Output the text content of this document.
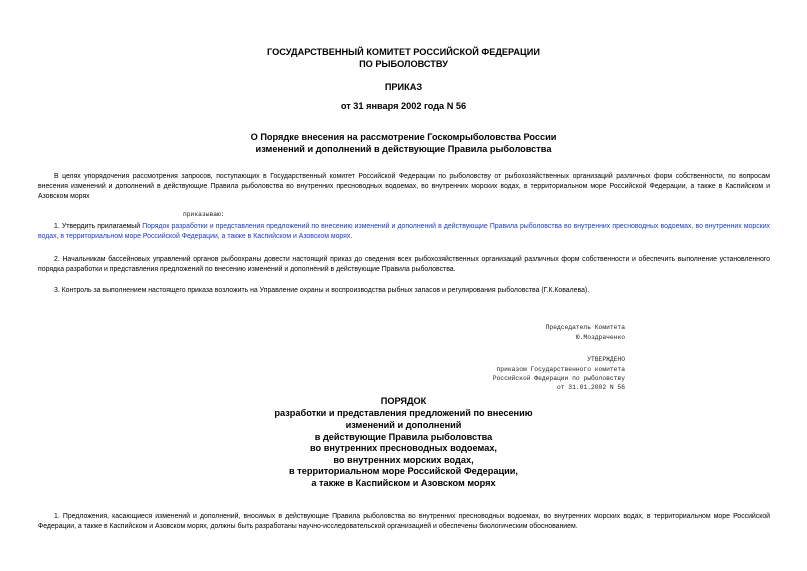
ГОСУДАРСТВЕННЫЙ КОМИТЕТ РОССИЙСКОЙ ФЕДЕРАЦИИ
ПО РЫБОЛОВСТВУ
ПРИКАЗ
от 31 января 2002 года N 56
О Порядке внесения на рассмотрение Госкомрыболовства России
изменений и дополнений в действующие Правила рыболовства
В целях упорядочения рассмотрения запросов, поступающих в Государственный комитет Российской Федерации по рыболовству от рыбохозяйственных организаций различных форм собственности, по вопросам внесения изменений и дополнений в действующие Правила рыболовства во внутренних пресноводных водоемах, во внутренних морских водах, в территориальном море Российской Федерации, а также в Каспийском и Азовском морях
приказываю:
1. Утвердить прилагаемый Порядок разработки и представления предложений по внесению изменений и дополнений в действующие Правила рыболовства во внутренних пресноводных водоемах, во внутренних морских водах, в территориальном море Российской Федерации, а также в Каспийском и Азовском морях.
2. Начальникам бассейновых управлений органов рыбоохраны довести настоящий приказ до сведения всех рыбохозяйственных организаций различных форм собственности и обеспечить выполнение установленного порядка разработки и представления предложений по внесению изменений и дополнений в действующие Правила рыболовства.
3. Контроль за выполнением настоящего приказа возложить на Управление охраны и воспроизводства рыбных запасов и регулирования рыболовства (Г.К.Ковалева).
Председатель Комитета
Ю.Моздраченко
УТВЕРЖДЕНО
приказом Государственного комитета
Российской Федерации по рыболовству
от 31.01.2002 N 56
ПОРЯДОК
разработки и представления предложений по внесению
изменений и дополнений
в действующие Правила рыболовства
во внутренних пресноводных водоемах,
во внутренних морских водах,
в территориальном море Российской Федерации,
а также в Каспийском и Азовском морях
1. Предложения, касающиеся изменений и дополнений, вносимых в действующие Правила рыболовства во внутренних пресноводных водоемах, во внутренних морских водах, в территориальном море Российской Федерации, а также в Каспийском и Азовском морях, должны быть разработаны научно-исследовательской организацией и обеспечены биологическим обоснованием.
